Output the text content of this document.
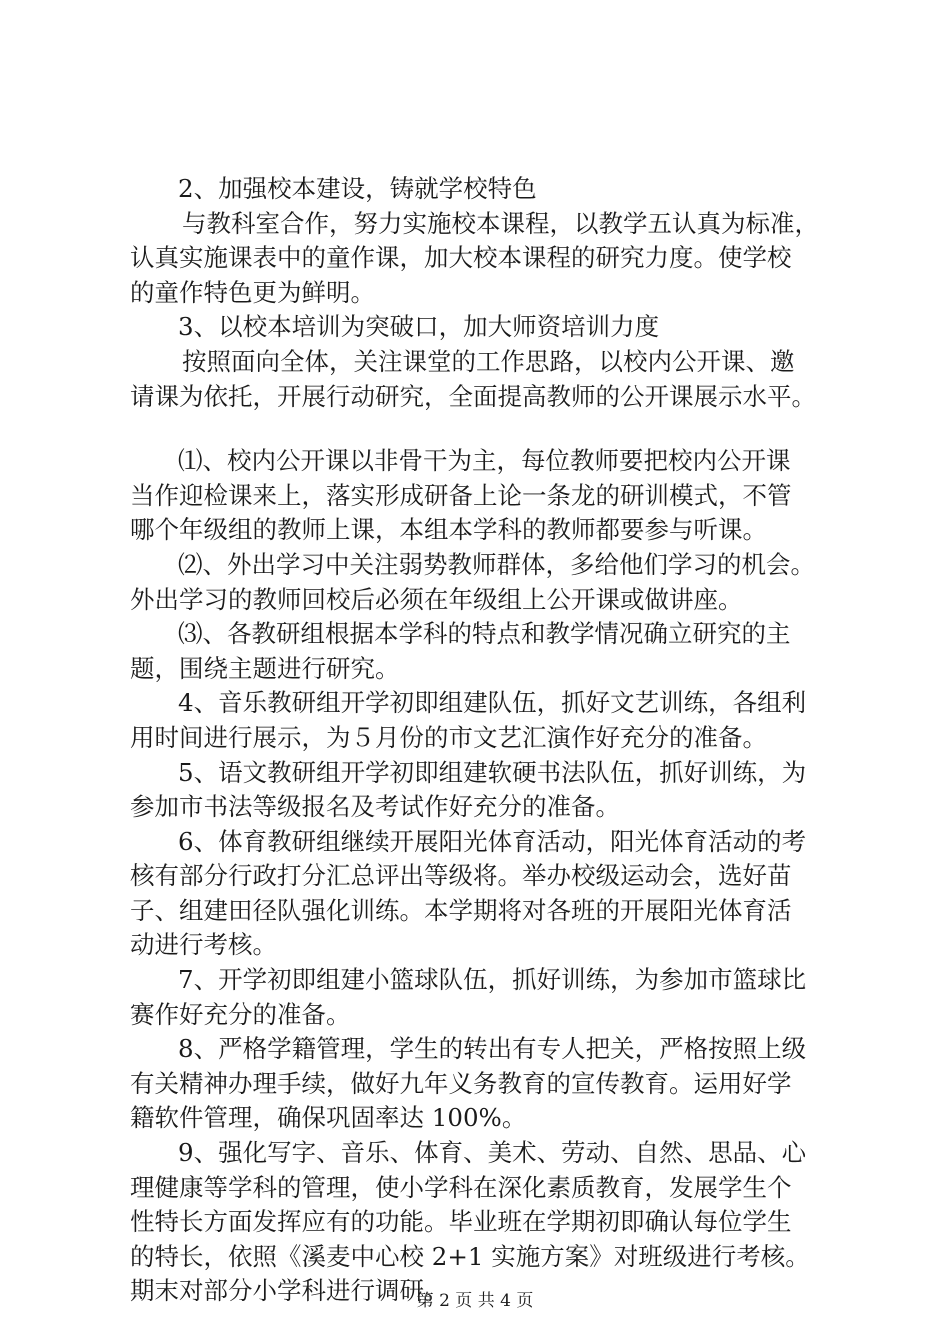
2、加强校本建设，铸就学校特色
与教科室合作，努力实施校本课程，以教学五认真为标准，
认真实施课表中的童作课，加大校本课程的研究力度。使学校
的童作特色更为鲜明。
3、以校本培训为突破口，加大师资培训力度
按照面向全体，关注课堂的工作思路，以校内公开课、邀
请课为依托，开展行动研究，全面提高教师的公开课展示水平。
⑴、校内公开课以非骨干为主，每位教师要把校内公开课
当作迎检课来上，落实形成研备上论一条龙的研训模式，不管
哪个年级组的教师上课，本组本学科的教师都要参与听课。
⑵、外出学习中关注弱势教师群体，多给他们学习的机会。
外出学习的教师回校后必须在年级组上公开课或做讲座。
⑶、各教研组根据本学科的特点和教学情况确立研究的主
题，围绕主题进行研究。
4、音乐教研组开学初即组建队伍，抓好文艺训练，各组利
用时间进行展示，为５月份的市文艺汇演作好充分的准备。
5、语文教研组开学初即组建软硬书法队伍，抓好训练，为
参加市书法等级报名及考试作好充分的准备。
6、体育教研组继续开展阳光体育活动，阳光体育活动的考
核有部分行政打分汇总评出等级将。举办校级运动会，选好苗
子、组建田径队强化训练。本学期将对各班的开展阳光体育活
动进行考核。
7、开学初即组建小篮球队伍，抓好训练，为参加市篮球比
赛作好充分的准备。
8、严格学籍管理，学生的转出有专人把关，严格按照上级
有关精神办理手续，做好九年义务教育的宣传教育。运用好学
籍软件管理，确保巩固率达 100%。
9、强化写字、音乐、体育、美术、劳动、自然、思品、心
理健康等学科的管理，使小学科在深化素质教育，发展学生个
性特长方面发挥应有的功能。毕业班在学期初即确认每位学生
的特长，依照《溪麦中心校 2+1 实施方案》对班级进行考核。
期末对部分小学科进行调研。
第 2 页 共 4 页
